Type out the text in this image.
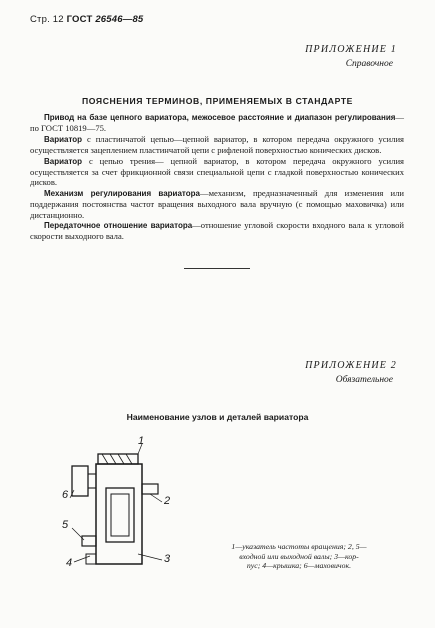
Стр. 12 ГОСТ 26546—85
ПРИЛОЖЕНИЕ 1
Справочное
ПОЯСНЕНИЯ ТЕРМИНОВ, ПРИМЕНЯЕМЫХ В СТАНДАРТЕ

Привод на базе цепного вариатора, межосевое расстояние и диапазон регулирования—по ГОСТ 10819—75.

Вариатор с пластинчатой цепью—цепной вариатор, в котором передача окружного усилия осуществляется зацеплением пластинчатой цепи с рифленой поверхностью конических дисков.

Вариатор с цепью трения— цепной вариатор, в котором передача окружного усилия осуществляется за счет фрикционной связи специальной цепи с гладкой поверхностью конических дисков.

Механизм регулирования вариатора—механизм, предназначенный для изменения или поддержания постоянства частот вращения выходного вала вручную (с помощью маховичка) или дистанционно.

Передаточное отношение вариатора—отношение угловой скорости входного вала к угловой скорости выходного вала.

ПРИЛОЖЕНИЕ 2
Обязательное
Наименование узлов и деталей вариатора
1
2
3
4
5
6
1—указатель частоты вращения; 2, 5—
входной или выходной валы; 3—кор-
пус; 4—крышка; 6—маховичок.
